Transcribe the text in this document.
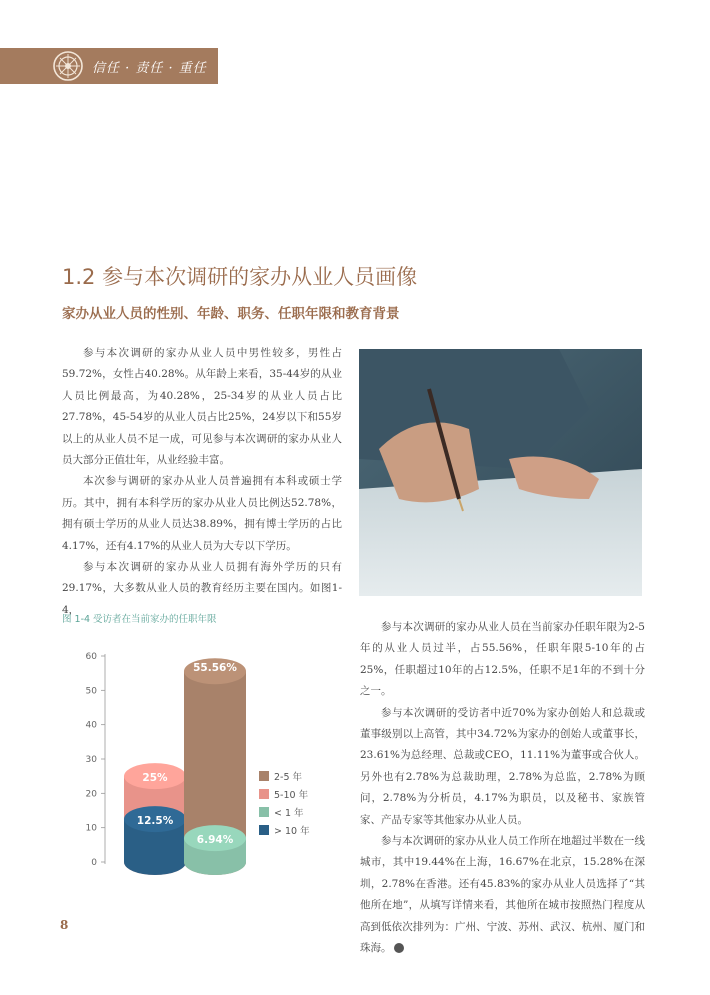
信任 · 责任 · 重任
1.2 参与本次调研的家办从业人员画像
家办从业人员的性别、年龄、职务、任职年限和教育背景

参与本次调研的家办从业人员中男性较多，男性占59.72%，女性占40.28%。从年龄上来看，35-44岁的从业人员比例最高，为40.28%，25-34岁的从业人员占比27.78%，45-54岁的从业人员占比25%，24岁以下和55岁以上的从业人员不足一成，可见参与本次调研的家办从业人员大部分正值壮年，从业经验丰富。

本次参与调研的家办从业人员普遍拥有本科或硕士学历。其中，拥有本科学历的家办从业人员比例达52.78%，拥有硕士学历的从业人员达38.89%，拥有博士学历的占比4.17%，还有4.17%的从业人员为大专以下学历。

参与本次调研的家办从业人员拥有海外学历的只有29.17%，大多数从业人员的教育经历主要在国内。如图1-4，

图 1-4 受访者在当前家办的任职年限
0
10
20
30
40
50
60
25%
12.5%
55.56%
6.94%
2-5 年
5-10 年
< 1 年
> 10 年

参与本次调研的家办从业人员在当前家办任职年限为2-5年的从业人员过半，占55.56%，任职年限5-10年的占25%，任职超过10年的占12.5%，任职不足1年的不到十分之一。

参与本次调研的受访者中近70%为家办创始人和总裁或董事级别以上高管，其中34.72%为家办的创始人或董事长，23.61%为总经理、总裁或CEO，11.11%为董事或合伙人。另外也有2.78%为总裁助理，2.78%为总监，2.78%为顾问，2.78%为分析员，4.17%为职员，以及秘书、家族管家、产品专家等其他家办从业人员。

参与本次调研的家办从业人员工作所在地超过半数在一线城市，其中19.44%在上海，16.67%在北京，15.28%在深圳，2.78%在香港。还有45.83%的家办从业人员选择了“其他所在地”，从填写详情来看，其他所在城市按照热门程度从高到低依次排列为：广州、宁波、苏州、武汉、杭州、厦门和珠海。

8
